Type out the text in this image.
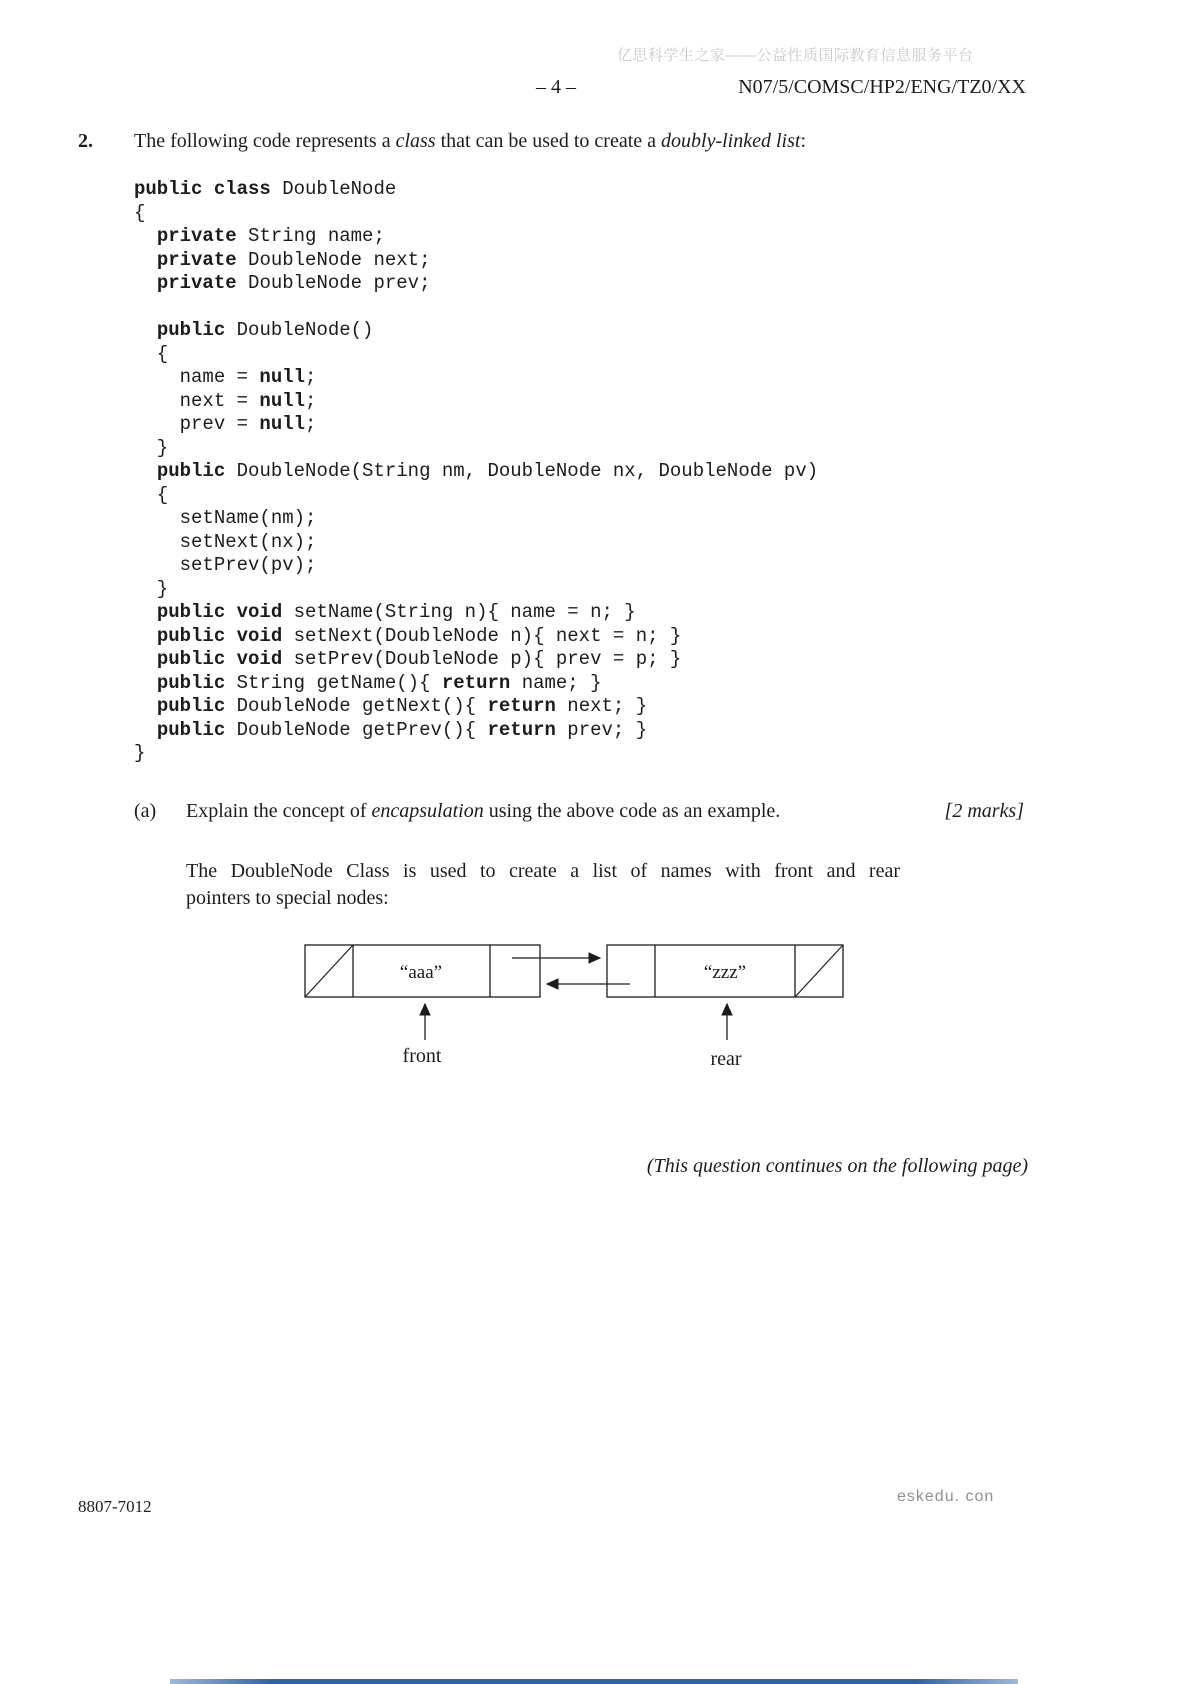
亿思科学生之家——公益性质国际教育信息服务平台
– 4 –	N07/5/COMSC/HP2/ENG/TZ0/XX
2.	The following code represents a class that can be used to create a doubly-linked list:
public class DoubleNode
{
private String name;
private DoubleNode next;
private DoubleNode prev;

public DoubleNode()
{
name = null;
next = null;
prev = null;
}
public DoubleNode(String nm, DoubleNode nx, DoubleNode pv)
{
setName(nm);
setNext(nx);
setPrev(pv);
}
public void setName(String n){ name = n; }
public void setNext(DoubleNode n){ next = n; }
public void setPrev(DoubleNode p){ prev = p; }
public String getName(){ return name; }
public DoubleNode getNext(){ return next; }
public DoubleNode getPrev(){ return prev; }
}
(a)	Explain the concept of encapsulation using the above code as an example.	[2 marks]
The DoubleNode Class is used to create a list of names with front and rear
pointers to special nodes:
“aaa”	“zzz”
front	rear
(This question continues on the following page)
8807-7012
eskedu. con
